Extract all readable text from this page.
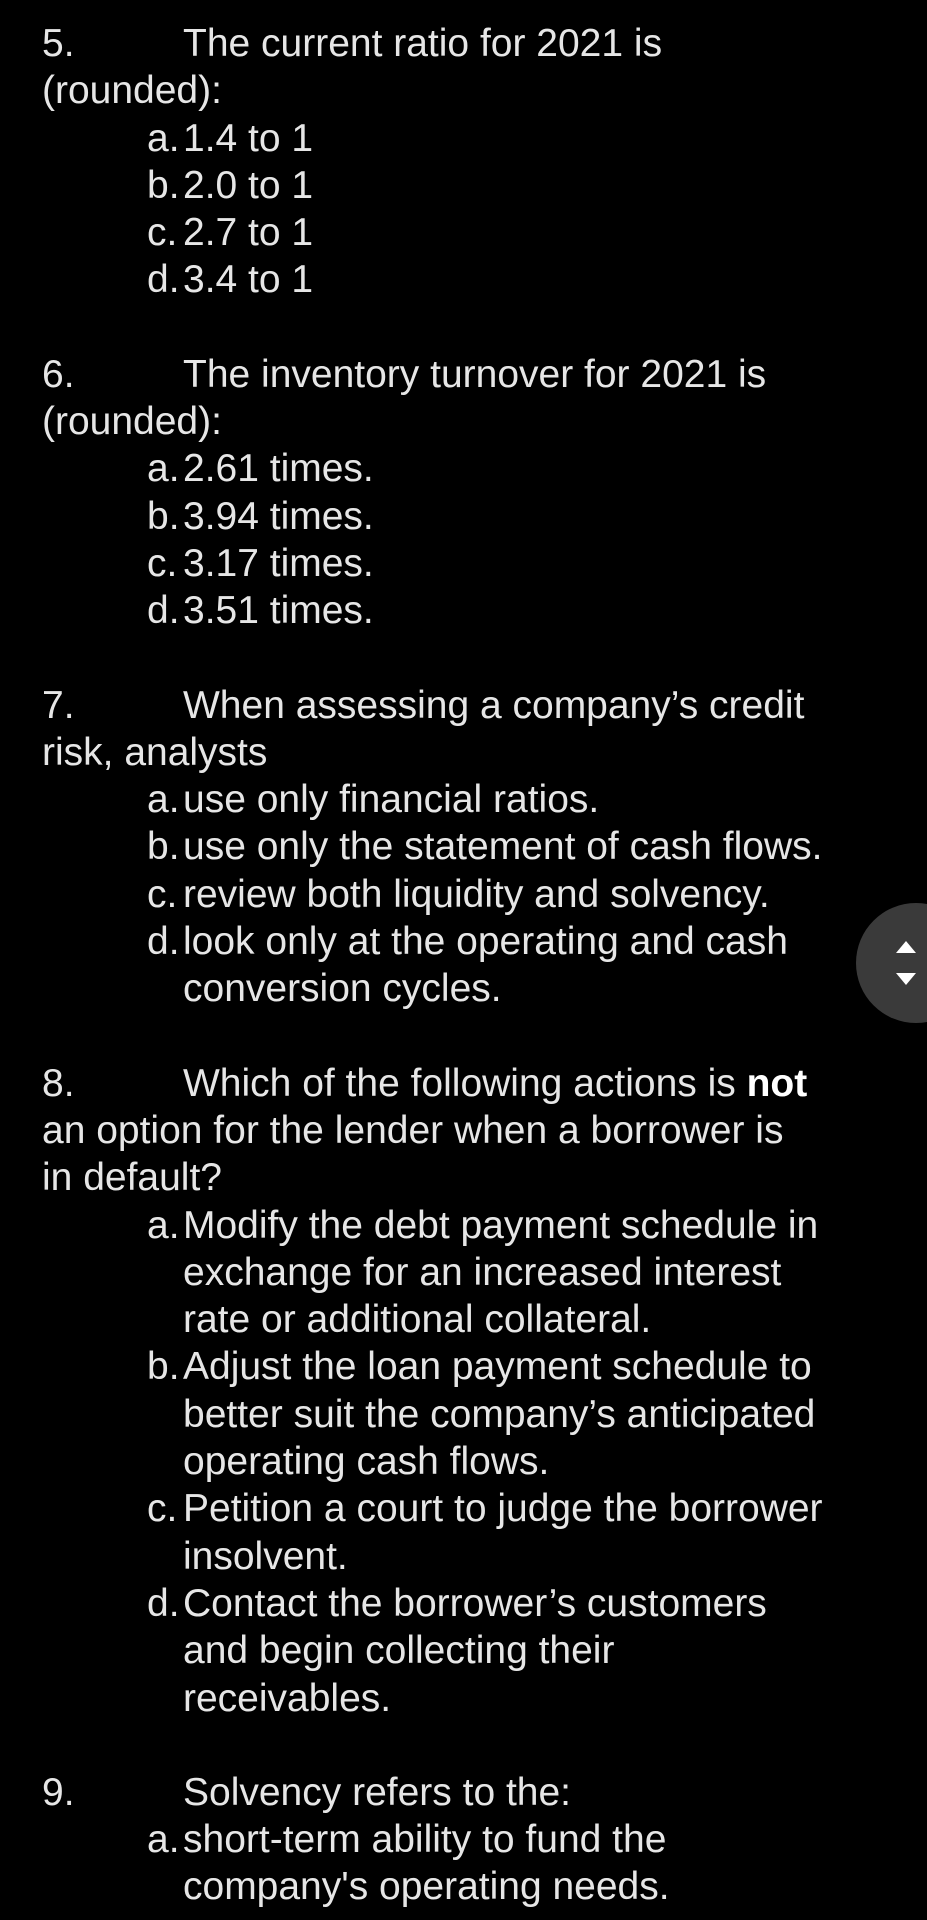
5.	The current ratio for 2021 is
(rounded):
a. 1.4 to 1
b. 2.0 to 1
c. 2.7 to 1
d. 3.4 to 1
6.	The inventory turnover for 2021 is
(rounded):
a. 2.61 times.
b. 3.94 times.
c. 3.17 times.
d. 3.51 times.
7.	When assessing a company’s credit
risk, analysts
a. use only financial ratios.
b. use only the statement of cash flows.
c. review both liquidity and solvency.
d. look only at the operating and cash
conversion cycles.
8.	Which of the following actions is not
an option for the lender when a borrower is
in default?
a. Modify the debt payment schedule in
exchange for an increased interest
rate or additional collateral.
b. Adjust the loan payment schedule to
better suit the company’s anticipated
operating cash flows.
c. Petition a court to judge the borrower
insolvent.
d. Contact the borrower’s customers
and begin collecting their
receivables.
9.	Solvency refers to the:
a. short-term ability to fund the
company's operating needs.
